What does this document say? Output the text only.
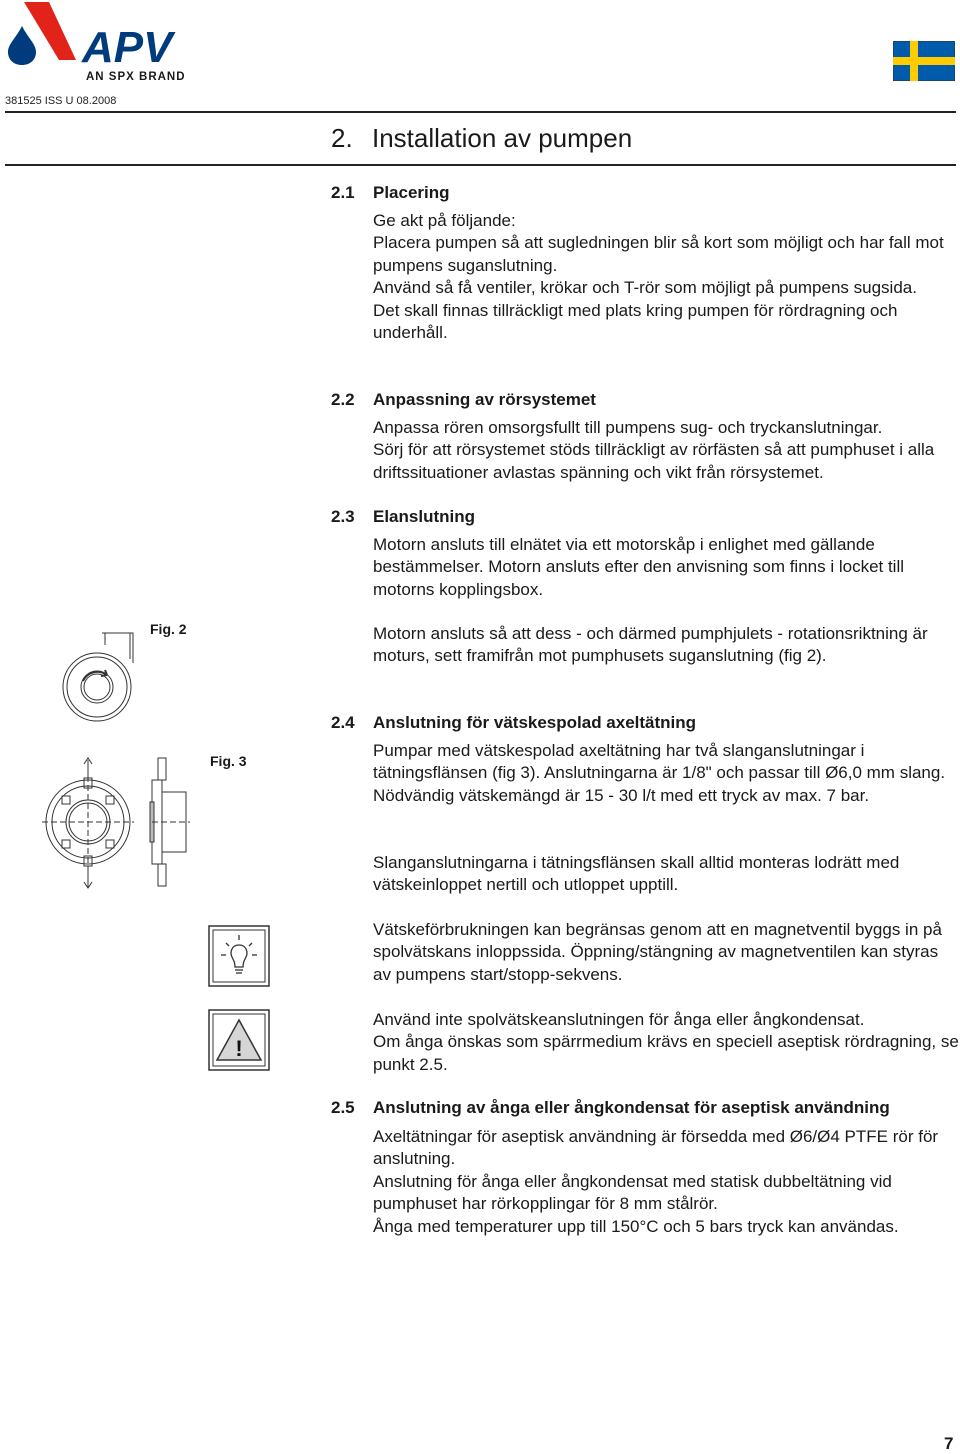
APV
AN SPX BRAND
381525 ISS U 08.2008
2. Installation av pumpen
2.1 Placering
Ge akt på följande:
Placera pumpen så att sugledningen blir så kort som möjligt och har fall mot pumpens suganslutning.
Använd så få ventiler, krökar och T-rör som möjligt på pumpens sugsida.
Det skall finnas tillräckligt med plats kring pumpen för rördragning och underhåll.
2.2 Anpassning av rörsystemet
Anpassa rören omsorgsfullt till pumpens sug- och tryckanslutningar.
Sörj för att rörsystemet stöds tillräckligt av rörfästen så att pumphuset i alla driftssituationer avlastas spänning och vikt från rörsystemet.
2.3 Elanslutning
Motorn ansluts till elnätet via ett motorskåp i enlighet med gällande bestämmelser. Motorn ansluts efter den anvisning som finns i locket till motorns kopplingsbox.
Motorn ansluts så att dess - och därmed pumphjulets - rotationsriktning är moturs, sett framifrån mot pumphusets suganslutning (fig 2).
Fig. 2
2.4 Anslutning för vätskespolad axeltätning
Pumpar med vätskespolad axeltätning har två slanganslutningar i tätningsflänsen (fig 3). Anslutningarna är 1/8" och passar till Ø6,0 mm slang. Nödvändig vätskemängd är 15 - 30 l/t med ett tryck av max. 7 bar.
Slanganslutningarna i tätningsflänsen skall alltid monteras lodrätt med vätskeinloppet nertill och utloppet upptill.
Vätskeförbrukningen kan begränsas genom att en magnetventil byggs in på spolvätskans inloppssida. Öppning/stängning av magnetventilen kan styras av pumpens start/stopp-sekvens.
Använd inte spolvätskeanslutningen för ånga eller ångkondensat.
Om ånga önskas som spärrmedium krävs en speciell aseptisk rördragning, se punkt 2.5.
Fig. 3
!
2.5 Anslutning av ånga eller ångkondensat för aseptisk användning
Axeltätningar för aseptisk användning är försedda med Ø6/Ø4 PTFE rör för anslutning.
Anslutning för ånga eller ångkondensat med statisk dubbeltätning vid pumphuset har rörkopplingar för 8 mm stålrör.
Ånga med temperaturer upp till 150°C och 5 bars tryck kan användas.
7
